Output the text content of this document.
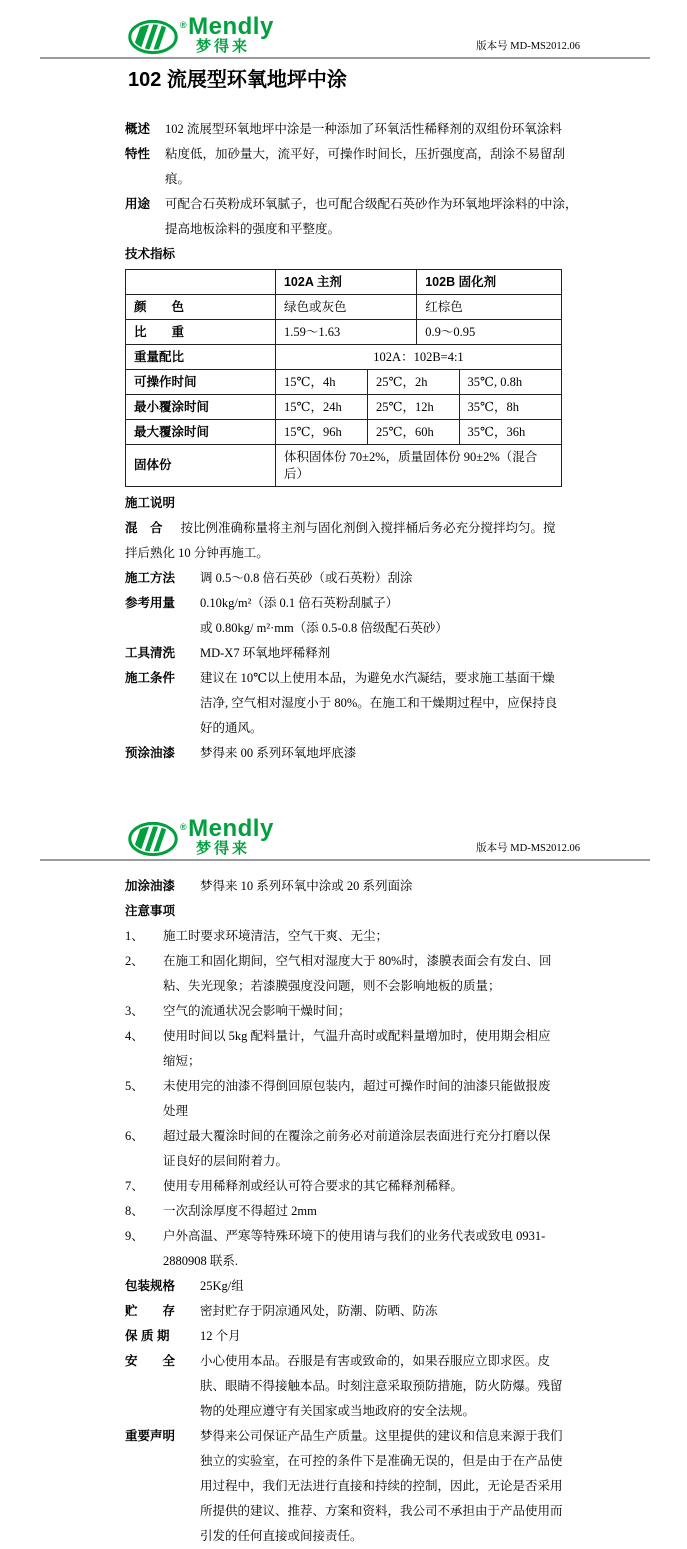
®Mendly
梦得来	版本号 MD-MS2012.06
102 流展型环氧地坪中涂
概述	102 流展型环氧地坪中涂是一种添加了环氧活性稀释剂的双组份环氧涂料
特性	粘度低，加砂量大，流平好，可操作时间长，压折强度高，刮涂不易留刮痕。
用途	可配合石英粉成环氧腻子，也可配合级配石英砂作为环氧地坪涂料的中涂，提高地板涂料的强度和平整度。
技术指标
	102A 主剂		102B 固化剂	
颜　　色	绿色或灰色		红棕色	
比　　重	1.59～1.63		0.9～0.95	
重量配比	102A：102B=4:1			
可操作时间	15℃，4h	25℃，2h		35℃, 0.8h
最小覆涂时间	15℃，24h	25℃，12h		35℃，8h
最大覆涂时间	15℃，96h	25℃，60h		35℃，36h
固体份	体积固体份 70±2%，质量固体份 90±2%（混合后）			
施工说明

混　合 按比例准确称量将主剂与固化剂倒入搅拌桶后务必充分搅拌均匀。搅拌后熟化 10 分钟再施工。

施工方法	调 0.5～0.8 倍石英砂（或石英粉）刮涂
参考用量	0.10kg/m²（添 0.1 倍石英粉刮腻子）
或 0.80kg/ m²·mm（添 0.5-0.8 倍级配石英砂）
工具清洗	MD-X7 环氧地坪稀释剂
施工条件	建议在 10℃以上使用本品，为避免水汽凝结，要求施工基面干燥洁净, 空气相对湿度小于 80%。在施工和干燥期过程中，应保持良好的通风。
预涂油漆	梦得来 00 系列环氧地坪底漆
®Mendly
梦得来	版本号 MD-MS2012.06
加涂油漆	梦得来 10 系列环氧中涂或 20 系列面涂
注意事项
1、	施工时要求环境清洁，空气干爽、无尘；
2、	在施工和固化期间，空气相对湿度大于 80%时，漆膜表面会有发白、回粘、失光现象；若漆膜强度没问题，则不会影响地板的质量；
3、	空气的流通状况会影响干燥时间；
4、	使用时间以 5kg 配料量计，气温升高时或配料量增加时，使用期会相应缩短；
5、	未使用完的油漆不得倒回原包装内，超过可操作时间的油漆只能做报废处理
6、	超过最大覆涂时间的在覆涂之前务必对前道涂层表面进行充分打磨以保证良好的层间附着力。
7、	使用专用稀释剂或经认可符合要求的其它稀释剂稀释。
8、	一次刮涂厚度不得超过 2mm
9、	户外高温、严寒等特殊环境下的使用请与我们的业务代表或致电 0931-2880908 联系.
包装规格	25Kg/组
贮　　存	密封贮存于阴凉通风处，防潮、防晒、防冻
保 质 期	12 个月
安　　全	小心使用本品。吞服是有害或致命的，如果吞服应立即求医。皮肤、眼睛不得接触本品。时刻注意采取预防措施，防火防爆。残留物的处理应遵守有关国家或当地政府的安全法规。
重要声明	梦得来公司保证产品生产质量。这里提供的建议和信息来源于我们独立的实验室，在可控的条件下是准确无误的，但是由于在产品使用过程中，我们无法进行直接和持续的控制，因此，无论是否采用所提供的建议、推荐、方案和资料，我公司不承担由于产品使用而引发的任何直接或间接责任。
